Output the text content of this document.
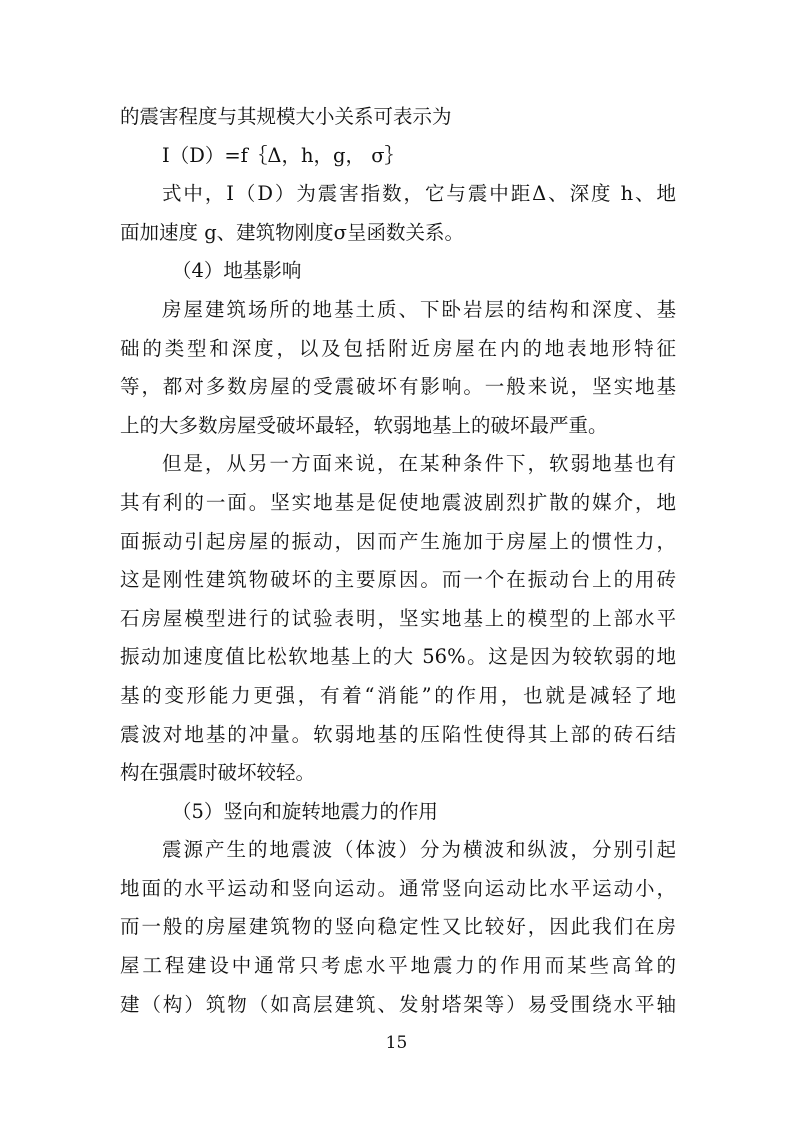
的震害程度与其规模大小关系可表示为
I（D）=f｛Δ，h，g， σ｝
式中，I（D）为震害指数，它与震中距Δ、深度 h、地
面加速度 g、建筑物刚度σ呈函数关系。
（4）地基影响
房屋建筑场所的地基土质、下卧岩层的结构和深度、基
础的类型和深度，以及包括附近房屋在内的地表地形特征
等，都对多数房屋的受震破坏有影响。一般来说，坚实地基
上的大多数房屋受破坏最轻，软弱地基上的破坏最严重。
但是，从另一方面来说，在某种条件下，软弱地基也有
其有利的一面。坚实地基是促使地震波剧烈扩散的媒介，地
面振动引起房屋的振动，因而产生施加于房屋上的惯性力，
这是刚性建筑物破坏的主要原因。而一个在振动台上的用砖
石房屋模型进行的试验表明，坚实地基上的模型的上部水平
振动加速度值比松软地基上的大 56%。这是因为较软弱的地
基的变形能力更强，有着“消能”的作用，也就是减轻了地
震波对地基的冲量。软弱地基的压陷性使得其上部的砖石结
构在强震时破坏较轻。
（5）竖向和旋转地震力的作用
震源产生的地震波（体波）分为横波和纵波，分别引起
地面的水平运动和竖向运动。通常竖向运动比水平运动小，
而一般的房屋建筑物的竖向稳定性又比较好，因此我们在房
屋工程建设中通常只考虑水平地震力的作用而某些高耸的
建（构）筑物（如高层建筑、发射塔架等）易受围绕水平轴
15
